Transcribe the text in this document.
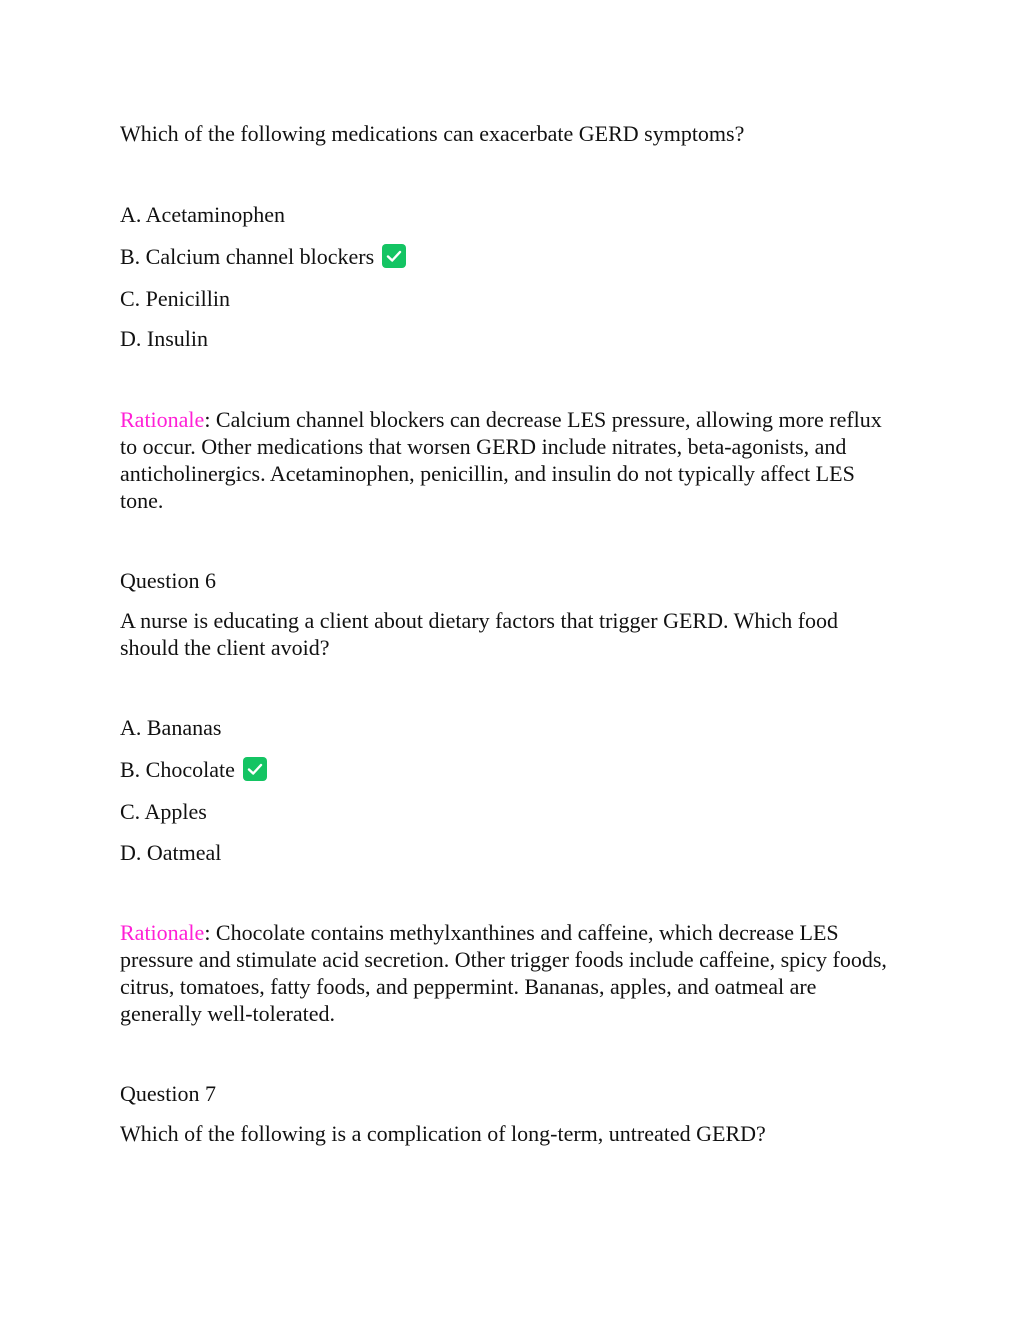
Which of the following medications can exacerbate GERD symptoms?
A. Acetaminophen
B. Calcium channel blockers
C. Penicillin
D. Insulin
Rationale: Calcium channel blockers can decrease LES pressure, allowing more reflux to occur. Other medications that worsen GERD include nitrates, beta-agonists, and anticholinergics. Acetaminophen, penicillin, and insulin do not typically affect LES tone.
Question 6
A nurse is educating a client about dietary factors that trigger GERD. Which food should the client avoid?
A. Bananas
B. Chocolate
C. Apples
D. Oatmeal
Rationale: Chocolate contains methylxanthines and caffeine, which decrease LES pressure and stimulate acid secretion. Other trigger foods include caffeine, spicy foods, citrus, tomatoes, fatty foods, and peppermint. Bananas, apples, and oatmeal are generally well-tolerated.
Question 7
Which of the following is a complication of long-term, untreated GERD?
